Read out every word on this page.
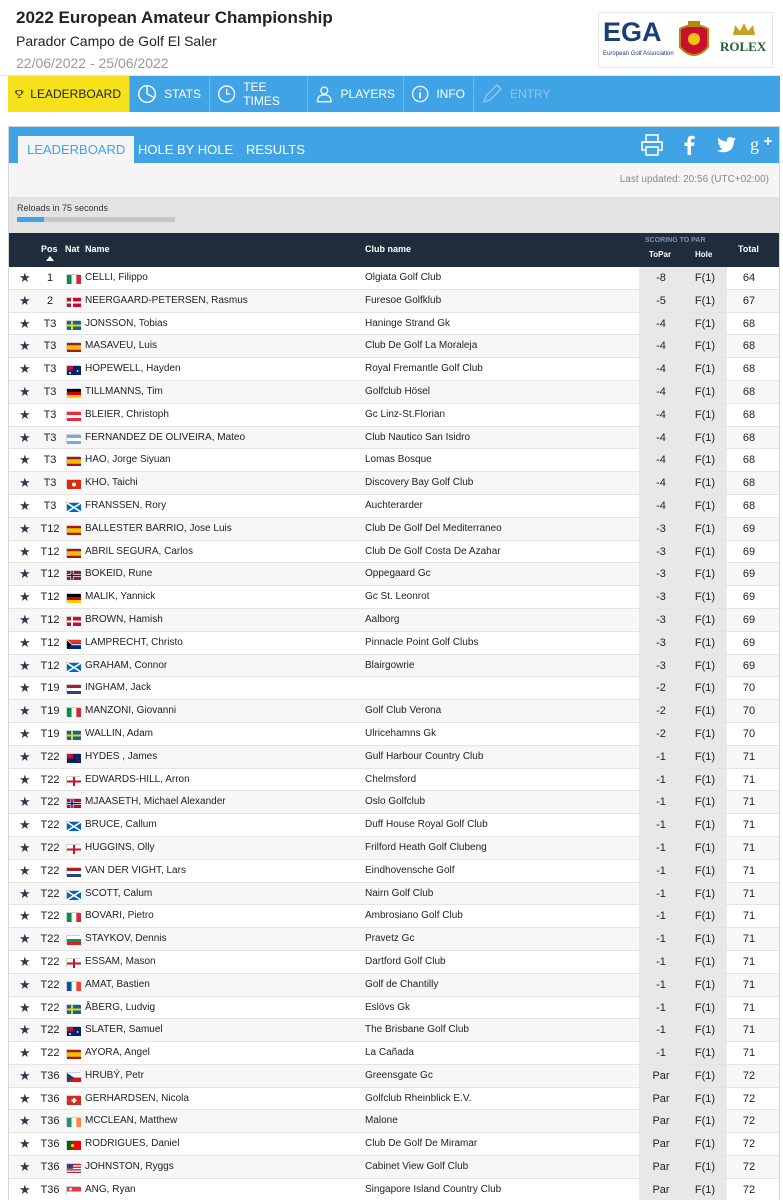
2022 European Amateur Championship
Parador Campo de Golf El Saler
22/06/2022 - 25/06/2022
EGA
European Golf Association	ROLEX
LEADERBOARD	STATS	TEE TIMES	PLAYERS	INFO	ENTRY
LEADERBOARD HOLE BY HOLE RESULTS	g
Last updated: 20:56 (UTC+02:00)
Reloads in 75 seconds
Pos Nat Name	Club name
SCORING TO PAR
ToPar	Hole
Total
★	1	CELLI, Filippo	Olgiata Golf Club	-8	F(1)	64
★	2	NEERGAARD-PETERSEN, Rasmus	Furesoe Golfklub	-5	F(1)	67
★	T3	JONSSON, Tobias	Haninge Strand Gk	-4	F(1)	68
★	T3	MASAVEU, Luis	Club De Golf La Moraleja	-4	F(1)	68
★	T3	HOPEWELL, Hayden	Royal Fremantle Golf Club	-4	F(1)	68
★	T3	TILLMANNS, Tim	Golfclub Hösel	-4	F(1)	68
★	T3	BLEIER, Christoph	Gc Linz-St.Florian	-4	F(1)	68
★	T3	FERNANDEZ DE OLIVEIRA, Mateo	Club Nautico San Isidro	-4	F(1)	68
★	T3	HAO, Jorge Siyuan	Lomas Bosque	-4	F(1)	68
★	T3	KHO, Taichi	Discovery Bay Golf Club	-4	F(1)	68
★	T3	FRANSSEN, Rory	Auchterarder	-4	F(1)	68
★ T12	BALLESTER BARRIO, Jose Luis	Club De Golf Del Mediterraneo	-3	F(1)	69
★ T12	ABRIL SEGURA, Carlos	Club De Golf Costa De Azahar	-3	F(1)	69
★ T12	BOKEID, Rune	Oppegaard Gc	-3	F(1)	69
★ T12	MALIK, Yannick	Gc St. Leonrot	-3	F(1)	69
★ T12	BROWN, Hamish	Aalborg	-3	F(1)	69
★ T12	LAMPRECHT, Christo	Pinnacle Point Golf Clubs	-3	F(1)	69
★ T12	GRAHAM, Connor	Blairgowrie	-3	F(1)	69
★ T19	INGHAM, Jack	-2	F(1)	70
★ T19	MANZONI, Giovanni	Golf Club Verona	-2	F(1)	70
★ T19	WALLIN, Adam	Ulricehamns Gk	-2	F(1)	70
★ T22	HYDES , James	Gulf Harbour Country Club	-1	F(1)	71
★ T22	EDWARDS-HILL, Arron	Chelmsford	-1	F(1)	71
★ T22	MJAASETH, Michael Alexander	Oslo Golfclub	-1	F(1)	71
★ T22	BRUCE, Callum	Duff House Royal Golf Club	-1	F(1)	71
★ T22	HUGGINS, Olly	Frilford Heath Golf Clubeng	-1	F(1)	71
★ T22	VAN DER VIGHT, Lars	Eindhovensche Golf	-1	F(1)	71
★ T22	SCOTT, Calum	Nairn Golf Club	-1	F(1)	71
★ T22	BOVARI, Pietro	Ambrosiano Golf Club	-1	F(1)	71
★ T22	STAYKOV, Dennis	Pravetz Gc	-1	F(1)	71
★ T22	ESSAM, Mason	Dartford Golf Club	-1	F(1)	71
★ T22	AMAT, Bastien	Golf de Chantilly	-1	F(1)	71
★ T22	ÅBERG, Ludvig	Eslövs Gk	-1	F(1)	71
★ T22	SLATER, Samuel	The Brisbane Golf Club	-1	F(1)	71
★ T22	AYORA, Angel	La Cañada	-1	F(1)	71
★ T36	HRUBÝ, Petr	Greensgate Gc	Par	F(1)	72
★ T36	GERHARDSEN, Nicola	Golfclub Rheinblick E.V.	Par	F(1)	72
★ T36	MCCLEAN, Matthew	Malone	Par	F(1)	72
★ T36	RODRIGUES, Daniel	Club De Golf De Miramar	Par	F(1)	72
★ T36	JOHNSTON, Ryggs	Cabinet View Golf Club	Par	F(1)	72
★ T36	ANG, Ryan	Singapore Island Country Club	Par	F(1)	72
